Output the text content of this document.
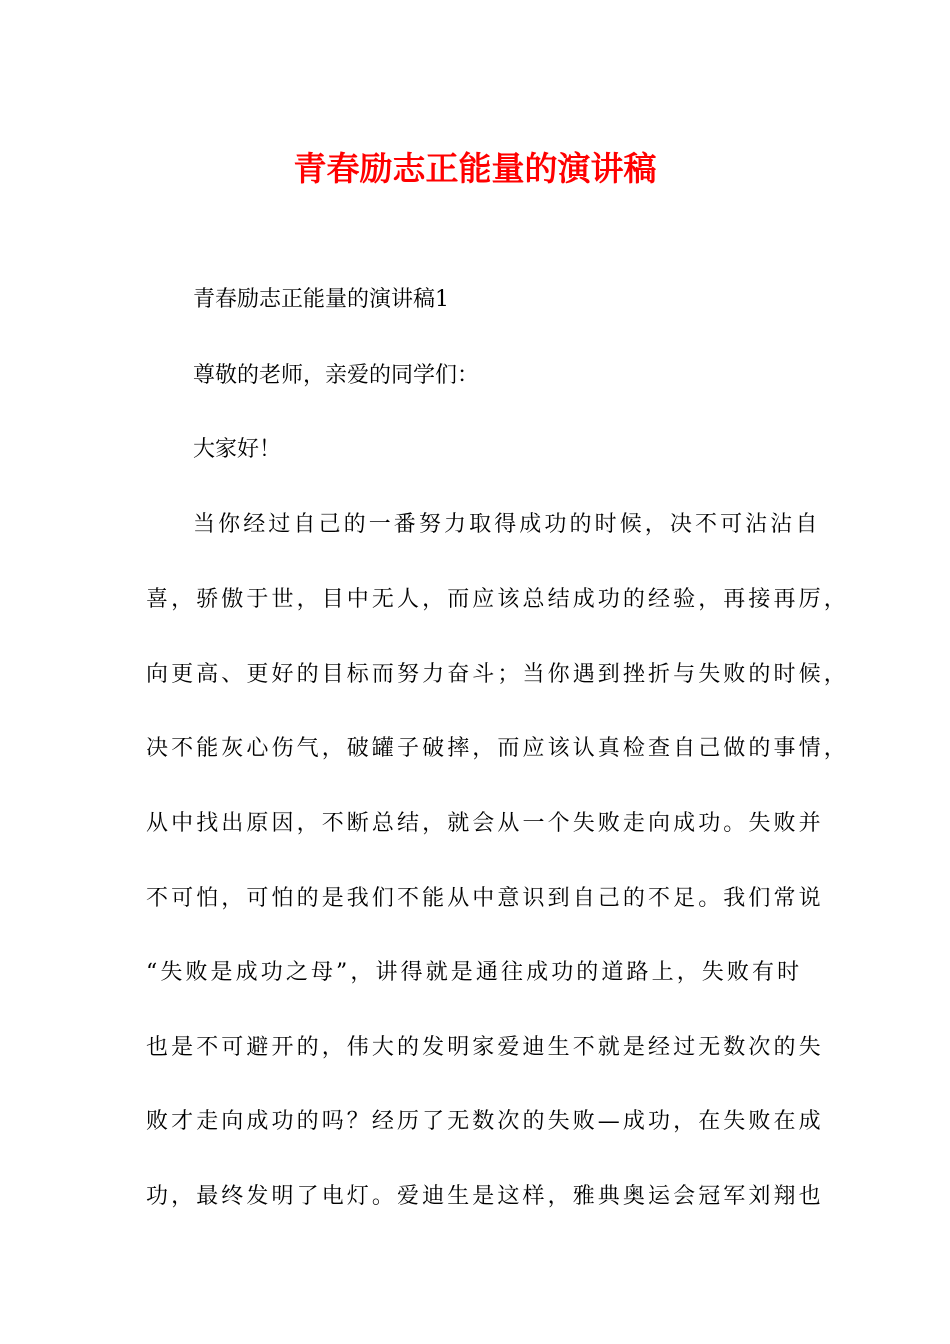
青春励志正能量的演讲稿

青春励志正能量的演讲稿1

尊敬的老师，亲爱的同学们：

大家好！

当你经过自己的一番努力取得成功的时候，决不可沾沾自

喜，骄傲于世，目中无人，而应该总结成功的经验，再接再厉，

向更高、更好的目标而努力奋斗；当你遇到挫折与失败的时候，

决不能灰心伤气，破罐子破摔，而应该认真检查自己做的事情，

从中找出原因，不断总结，就会从一个失败走向成功。失败并

不可怕，可怕的是我们不能从中意识到自己的不足。我们常说

“失败是成功之母”，讲得就是通往成功的道路上，失败有时

也是不可避开的，伟大的发明家爱迪生不就是经过无数次的失

败才走向成功的吗？经历了无数次的失败—成功，在失败在成

功，最终发明了电灯。爱迪生是这样，雅典奥运会冠军刘翔也
